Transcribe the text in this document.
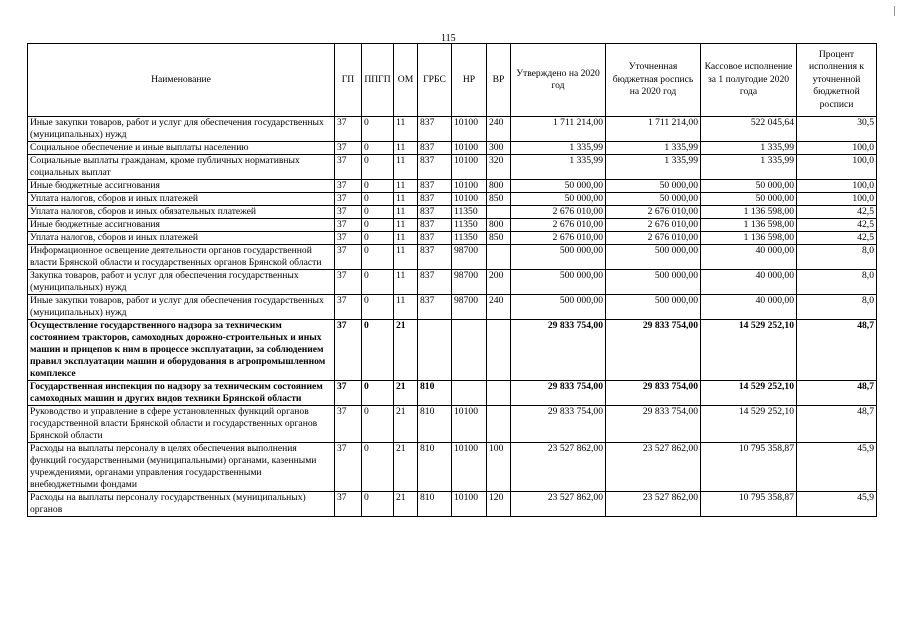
115
Наименование	ГП	ППГП	ОМ	ГРБС	НР	ВР	Утверждено на 2020 год	Уточненная бюджетная роспись на 2020 год	Кассовое исполнение за 1 полугодие 2020 года	Процент исполнения к уточненной бюджетной росписи
Иные закупки товаров, работ и услуг для обеспечения государственных (муниципальных) нужд	37	0	11	837	10100	240	1 711 214,00	1 711 214,00	522 045,64	30,5
Социальное обеспечение и иные выплаты населению	37	0	11	837	10100	300	1 335,99	1 335,99	1 335,99	100,0
Социальные выплаты гражданам, кроме публичных нормативных социальных выплат	37	0	11	837	10100	320	1 335,99	1 335,99	1 335,99	100,0
Иные бюджетные ассигнования	37	0	11	837	10100	800	50 000,00	50 000,00	50 000,00	100,0
Уплата налогов, сборов и иных платежей	37	0	11	837	10100	850	50 000,00	50 000,00	50 000,00	100,0
Уплата налогов, сборов и иных обязательных платежей	37	0	11	837	11350		2 676 010,00	2 676 010,00	1 136 598,00	42,5
Иные бюджетные ассигнования	37	0	11	837	11350	800	2 676 010,00	2 676 010,00	1 136 598,00	42,5
Уплата налогов, сборов и иных платежей	37	0	11	837	11350	850	2 676 010,00	2 676 010,00	1 136 598,00	42,5
Информационное освещение деятельности органов государственной власти Брянской области и государственных органов Брянской области	37	0	11	837	98700		500 000,00	500 000,00	40 000,00	8,0
Закупка товаров, работ и услуг для обеспечения государственных (муниципальных) нужд	37	0	11	837	98700	200	500 000,00	500 000,00	40 000,00	8,0
Иные закупки товаров, работ и услуг для обеспечения государственных (муниципальных) нужд	37	0	11	837	98700	240	500 000,00	500 000,00	40 000,00	8,0
Осуществление государственного надзора за техническим состоянием тракторов, самоходных дорожно-строительных и иных машин и прицепов к ним в процессе эксплуатации, за соблюдением правил эксплуатации машин и оборудования в агропромышленном комплексе	37	0	21				29 833 754,00	29 833 754,00	14 529 252,10	48,7
Государственная инспекция по надзору за техническим состоянием самоходных машин и других видов техники Брянской области	37	0	21	810			29 833 754,00	29 833 754,00	14 529 252,10	48,7
Руководство и управление в сфере установленных функций органов государственной власти Брянской области и государственных органов Брянской области	37	0	21	810	10100		29 833 754,00	29 833 754,00	14 529 252,10	48,7
Расходы на выплаты персоналу в целях обеспечения выполнения функций государственными (муниципальными) органами, казенными учреждениями, органами управления государственными внебюджетными фондами	37	0	21	810	10100	100	23 527 862,00	23 527 862,00	10 795 358,87	45,9
Расходы на выплаты персоналу государственных (муниципальных) органов	37	0	21	810	10100	120	23 527 862,00	23 527 862,00	10 795 358,87	45,9
